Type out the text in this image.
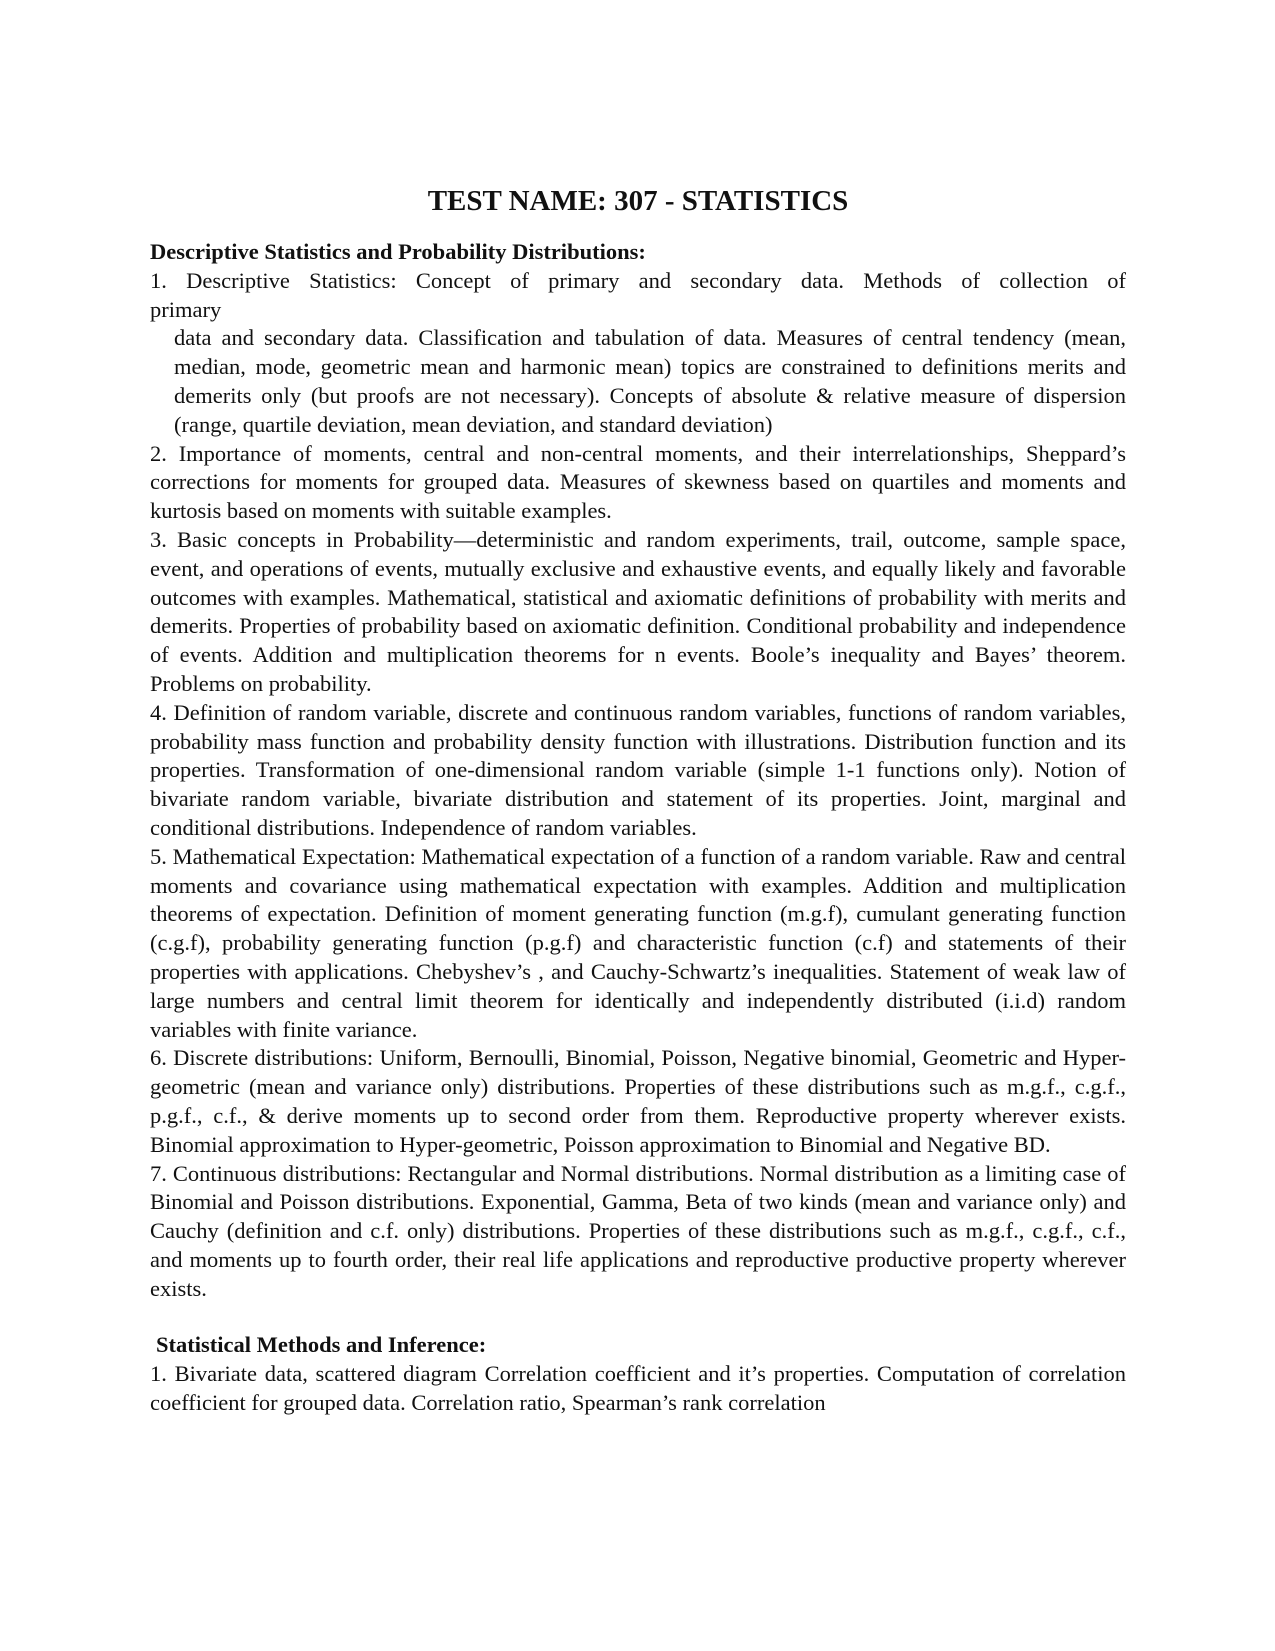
TEST NAME: 307 - STATISTICS
Descriptive Statistics and Probability Distributions:

1. Descriptive Statistics: Concept of primary and secondary data. Methods of collection of
primary
data and secondary data. Classification and tabulation of data. Measures of central tendency (mean, median, mode, geometric mean and harmonic mean) topics are constrained to definitions merits and demerits only (but proofs are not necessary). Concepts of absolute & relative measure of dispersion (range, quartile deviation, mean deviation, and standard deviation)

2. Importance of moments, central and non-central moments, and their interrelationships, Sheppard’s corrections for moments for grouped data. Measures of skewness based on quartiles and moments and kurtosis based on moments with suitable examples.

3. Basic concepts in Probability—deterministic and random experiments, trail, outcome, sample space, event, and operations of events, mutually exclusive and exhaustive events, and equally likely and favorable outcomes with examples. Mathematical, statistical and axiomatic definitions of probability with merits and demerits. Properties of probability based on axiomatic definition. Conditional probability and independence of events. Addition and multiplication theorems for n events. Boole’s inequality and Bayes’ theorem. Problems on probability.

4. Definition of random variable, discrete and continuous random variables, functions of random variables, probability mass function and probability density function with illustrations. Distribution function and its properties. Transformation of one-dimensional random variable (simple 1-1 functions only). Notion of bivariate random variable, bivariate distribution and statement of its properties. Joint, marginal and conditional distributions. Independence of random variables.

5. Mathematical Expectation: Mathematical expectation of a function of a random variable. Raw and central moments and covariance using mathematical expectation with examples. Addition and multiplication theorems of expectation. Definition of moment generating function (m.g.f), cumulant generating function (c.g.f), probability generating function (p.g.f) and characteristic function (c.f) and statements of their properties with applications. Chebyshev’s , and Cauchy-Schwartz’s inequalities. Statement of weak law of large numbers and central limit theorem for identically and independently distributed (i.i.d) random variables with finite variance.

6. Discrete distributions: Uniform, Bernoulli, Binomial, Poisson, Negative binomial, Geometric and Hyper-geometric (mean and variance only) distributions. Properties of these distributions such as m.g.f., c.g.f., p.g.f., c.f., & derive moments up to second order from them. Reproductive property wherever exists. Binomial approximation to Hyper-geometric, Poisson approximation to Binomial and Negative BD.

7. Continuous distributions: Rectangular and Normal distributions. Normal distribution as a limiting case of Binomial and Poisson distributions. Exponential, Gamma, Beta of two kinds (mean and variance only) and Cauchy (definition and c.f. only) distributions. Properties of these distributions such as m.g.f., c.g.f., c.f., and moments up to fourth order, their real life applications and reproductive productive property wherever exists.

Statistical Methods and Inference:

1. Bivariate data, scattered diagram Correlation coefficient and it’s properties. Computation of correlation coefficient for grouped data. Correlation ratio, Spearman’s rank correlation
